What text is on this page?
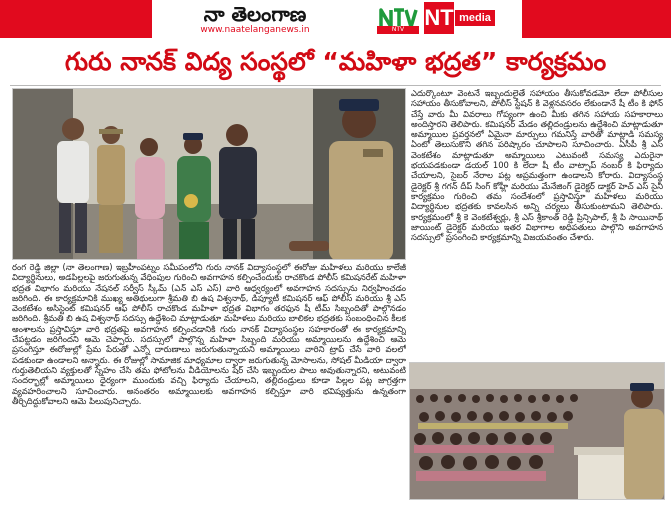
నా తెలంగాణ
www.naatelanganews.in	NTV NT media
గురు నానక్ విద్య సంస్థలో “మహిళా భద్రత” కార్యక్రమం
ఎదుర్కొంటూ వెంటనే ఇబ్బందులైతే సహాయం తీసుకోవడమో లేదా పోలీసుల సహాయం తీసుకోవాలని, పోలీస్ స్టేషన్ కి వెళ్లనవసరం లేకుండానే షీ టీం కి ఫోన్ చేస్తే వారు మీ వివరాలు గోప్యంగా ఉంచి మీకు తగిన సహాయ సహకారాలు అందిస్తారని తెలిపారు. కమిషనర్ మేడం తల్లిదండ్రులను ఉద్దేశించి మాట్లాడుతూ అమ్మాయిల ప్రవర్తనలో ఏమైనా మార్పులు గమనిస్తే వారితో మాట్లాడి సమస్య ఏంటో తెలుసుకొని తగిన పరిష్కారం చూపాలని సూచించారు. ఏసీపీ శ్రీ ఎస్ వెంకటేశం మాట్లాడుతూ అమ్మాయిలు ఎటువంటి సమస్య ఎదురైనా భయపడకుండా డయల్ 100 కి లేదా షీ టీం వాట్సాప్ నంబర్ కి ఫిర్యాదు చేయాలని, సైబర్ నేరాల పట్ల అప్రమత్తంగా ఉండాలని కోరారు. విద్యాసంస్థ డైరెక్టర్ శ్రీ గగన్ దీప్ సింగ్ కోహ్లీ మరియు మేనేజింగ్ డైరెక్టర్ డాక్టర్ హెచ్ ఎస్ సైనీ కార్యక్రమం గురించి తమ సందేశంలో ప్రస్తావిస్తూ మహిళలు మరియు విద్యార్థినుల భద్రతకు కావలసిన అన్ని చర్యలు తీసుకుంటామని తెలిపారు. కార్యక్రమంలో శ్రీ కె వెంకటేశ్వర్లు, శ్రీ ఎస్ శ్రీకాంత్ రెడ్డి ప్రిన్సిపాల్, శ్రీ పి సాయినాథ్ జాయింట్ డైరెక్టర్ మరియు ఇతర విభాగాల అధిపతులు పాల్గొని అవగాహన సదస్సులో ప్రసంగించి కార్యక్రమాన్ని విజయవంతం చేశారు.
రంగ రెడ్డి జిల్లా (నా తెలంగాణ) ఇబ్రహీంపట్నం సమీపంలోని గురు నానక్ విద్యాసంస్థలో ఈరోజు మహిళలు మరియు కాలేజీ విద్యార్థినులు, అడపిల్లలపై జరుగుతున్న వేధింపుల గురించి అవగాహన కల్పించేందుకు రాచకొండ పోలీస్ కమిషనరేట్ మహిళా భద్రత విభాగం మరియు నేషనల్ సర్వీస్ స్కీమ్ (ఎన్ ఎస్ ఎస్) వారి ఆధ్వర్యంలో అవగాహన సదస్సును నిర్వహించడం జరిగింది. ఈ కార్యక్రమానికి ముఖ్య అతిథులుగా శ్రీమతి బి ఉష విశ్వనాథ్, డిప్యూటీ కమిషనర్ ఆఫ్ పోలీస్ మరియు శ్రీ ఎస్ వెంకటేశం అసిస్టెంట్ కమిషనర్ ఆఫ్ పోలీస్ రాచకొండ మహిళా భద్రత విభాగం తరఫున షీ టీమ్ సిబ్బందితో పాల్గొనడం జరిగింది. శ్రీమతి బి ఉష విశ్వనాథ్ సదస్సు ఉద్దేశించి మాట్లాడుతూ మహిళలు మరియు బాలికల భద్రతకు సంబంధించిన కీలక అంశాలను ప్రస్తావిస్తూ వారి భద్రతపై అవగాహన కల్పించడానికి గురు నానక్ విద్యాసంస్థల సహకారంతో ఈ కార్యక్రమాన్ని చేపట్టడం జరిగిందని ఆమె చెప్పారు. సదస్సులో పాల్గొన్న మహిళా సిబ్బంది మరియు అమ్మాయిలను ఉద్దేశించి ఆమె ప్రసంగిస్తూ ఈరోజుల్లో ప్రేమ పేరుతో ఎన్నో దారుణాలు జరుగుతున్నాయని అమ్మాయిలు వారిని ట్రాప్ చేసే వారి వలలో పడకుండా ఉండాలని అన్నారు. ఈ రోజుల్లో సామాజిక మాధ్యమాల ద్వారా జరుగుతున్న మోసాలను, సోషల్ మీడియా ద్వారా గుర్తుతెలియని వ్యక్తులతో స్నేహం చేసి తమ ఫోటోలను వీడియోలను షేర్ చేసి ఇబ్బందుల పాలు అవుతున్నారని, అటువంటి సందర్భాల్లో అమ్మాయిలు ధైర్యంగా ముందుకు వచ్చి ఫిర్యాదు చేయాలని, తల్లిదండ్రులు కూడా పిల్లల పట్ల జాగ్రత్తగా వ్యవహరించాలని సూచించారు. అనంతరం అమ్మాయిలకు అవగాహన కల్పిస్తూ వారి భవిష్యత్తును ఉన్నతంగా తీర్చిదిద్దుకోవాలని ఆమె పిలుపునిచ్చారు.
